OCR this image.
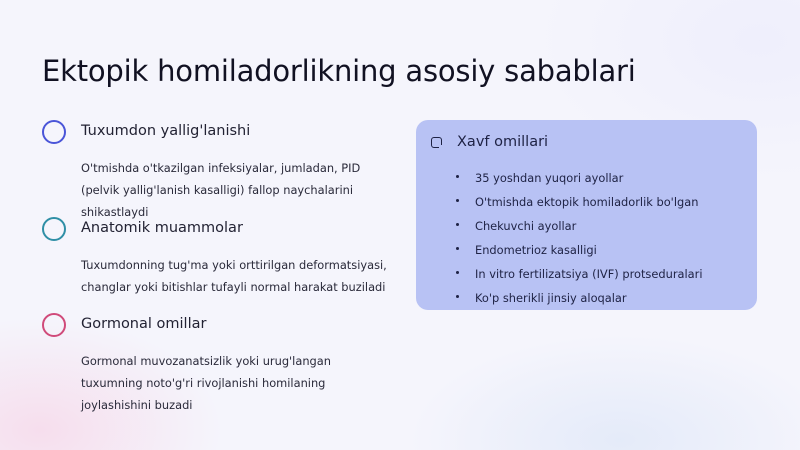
Ektopik homiladorlikning asosiy sabablari
Tuxumdon yallig'lanishi
O'tmishda o'tkazilgan infeksiyalar, jumladan, PID (pelvik yallig'lanish kasalligi) fallop naychalarini shikastlaydi
Anatomik muammolar
Tuxumdonning tug'ma yoki orttirilgan deformatsiyasi, changlar yoki bitishlar tufayli normal harakat buziladi
Gormonal omillar
Gormonal muvozanatsizlik yoki urug'langan tuxumning noto'g'ri rivojlanishi homilaning joylashishini buzadi
Xavf omillari
35 yoshdan yuqori ayollar
O'tmishda ektopik homiladorlik bo'lgan
Chekuvchi ayollar
Endometrioz kasalligi
In vitro fertilizatsiya (IVF) protseduralari
Ko'p sherikli jinsiy aloqalar
